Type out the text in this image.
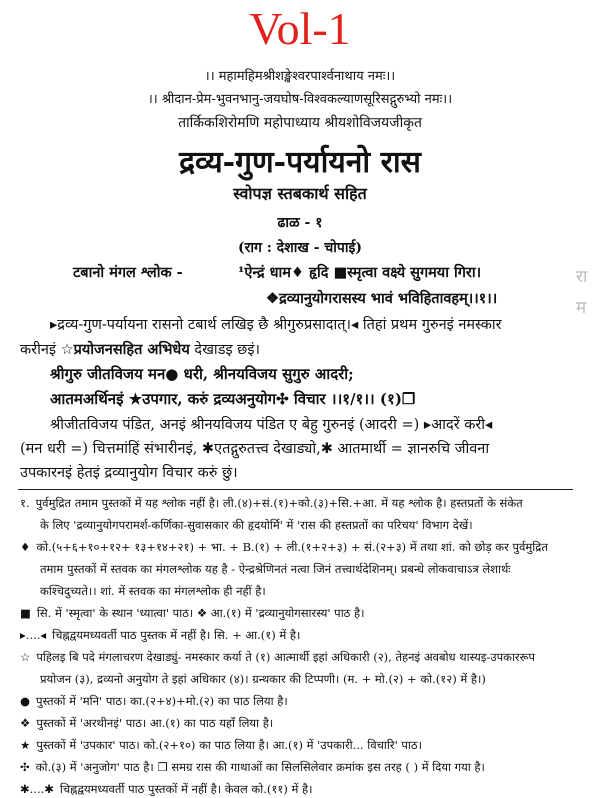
Vol-1
।। महामहिमश्रीशङ्खेश्वरपार्श्वनाथाय नमः।।
।। श्रीदान-प्रेम-भुवनभानु-जयघोष-विश्वकल्याणसूरिसद्गुरुभ्यो नमः।।
तार्किकशिरोमणि महोपाध्याय श्रीयशोविजयजीकृत
द्रव्य-गुण-पर्यायनो रास
स्वोपज्ञ स्तबकार्थ सहित
ढाळ - १
(राग : देशाख - चोपाई)
रा
म
टबानो मंगल श्लोक -	¹ऐन्द्रं धाम♦ हृदि ■स्मृत्वा वक्ष्ये सुगमया गिरा।
❖द्रव्यानुयोगरासस्य भावं भविहितावहम्।।१।।
▸द्रव्य-गुण-पर्यायना रासनो टबार्थ लखिइ छै श्रीगुरुप्रसादात्।◂ तिहां प्रथम गुरुनइं नमस्कार
करीनइं ☆प्रयोजनसहित अभिधेय देखाडइ छइं।
श्रीगुरु जीतविजय मन● धरी, श्रीनयविजय सुगुरु आदरी;
आतमअर्थिनइं ★उपगार, करुं द्रव्यअनुयोग✣ विचार ।।१/१।। (१)❐
श्रीजीतविजय पंडित, अनइं श्रीनयविजय पंडित ए बेहु गुरुनइं (आदरी =) ▸आदरें करी◂
(मन धरी =) चित्तमांहिं संभारीनइं, ✱एतद्गुरुतत्त्व देखाड्यो,✱ आतमार्थी = ज्ञानरुचि जीवना
उपकारनइं हेतइं द्रव्यानुयोग विचार करुं छुं।
१. पुर्वमुद्रित तमाम पुस्तकों में यह श्लोक नहीं है। ली.(४)+सं.(१)+को.(३)+सि.+आ. में यह श्लोक है। हस्तप्रतों के संकेत
के लिए 'द्रव्यानुयोगपरामर्श-कर्णिका-सुवासकार की हृदयोर्मि' में 'रास की हस्तप्रतों का परिचय' विभाग देखें।
♦ को.(५+६+१०+१२+ १३+१४+२१) + भा. + B.(१) + ली.(१+२+३) + सं.(२+३) में तथा शां. को छोड़ कर पुर्वमुद्रित
तमाम पुस्तकों में स्तवक का मंगलश्लोक यह है - ऐन्द्रश्रेणिनतं नत्वा जिनं तत्त्वार्थदेशिनम्। प्रबन्धे लोकवाचाऽत्र लेशार्थः
कश्चिदुच्यते।। शां. में स्तवक का मंगलश्लोक ही नहीं है।
■ सि. में 'स्मृत्वा' के स्थान 'ध्यात्वा' पाठ। ❖ आ.(१) में 'द्रव्यानुयोगसारस्य' पाठ है।
▸....◂ चिह्नद्वयमध्यवर्ती पाठ पुस्तक में नहीं है। सि. + आ.(१) में है।
☆ पहिलइ बि पदे मंगलाचरण देखाड्युं- नमस्कार कर्या ते (१) आत्मार्थी इहां अधिकारी (२), तेहनइं अवबोध थास्यइ-उपकाररूप
प्रयोजन (३), द्रव्यनो अनुयोग ते इहां अधिकार (४)। ग्रन्थकार की टिप्पणी। (म. + मो.(२) + को.(१२) में है।)
● पुस्तकों में 'मनि' पाठ। का.(२+४)+मो.(२) का पाठ लिया है।
❖ पुस्तकों में 'अरथीनइं' पाठ। आ.(१) का पाठ यहाँ लिया है।
★ पुस्तकों में 'उपकार' पाठ। को.(२+१०) का पाठ लिया है। आ.(१) में 'उपकारी... विचारि' पाठ।
✣ को.(३) में 'अनुजोग' पाठ है। ❐ समग्र रास की गाथाओं का सिलसिलेवार क्रमांक इस तरह ( ) में दिया गया है।
✱....✱ चिह्नद्वयमध्यवर्ती पाठ पुस्तकों में नहीं है। केवल को.(११) में है।
